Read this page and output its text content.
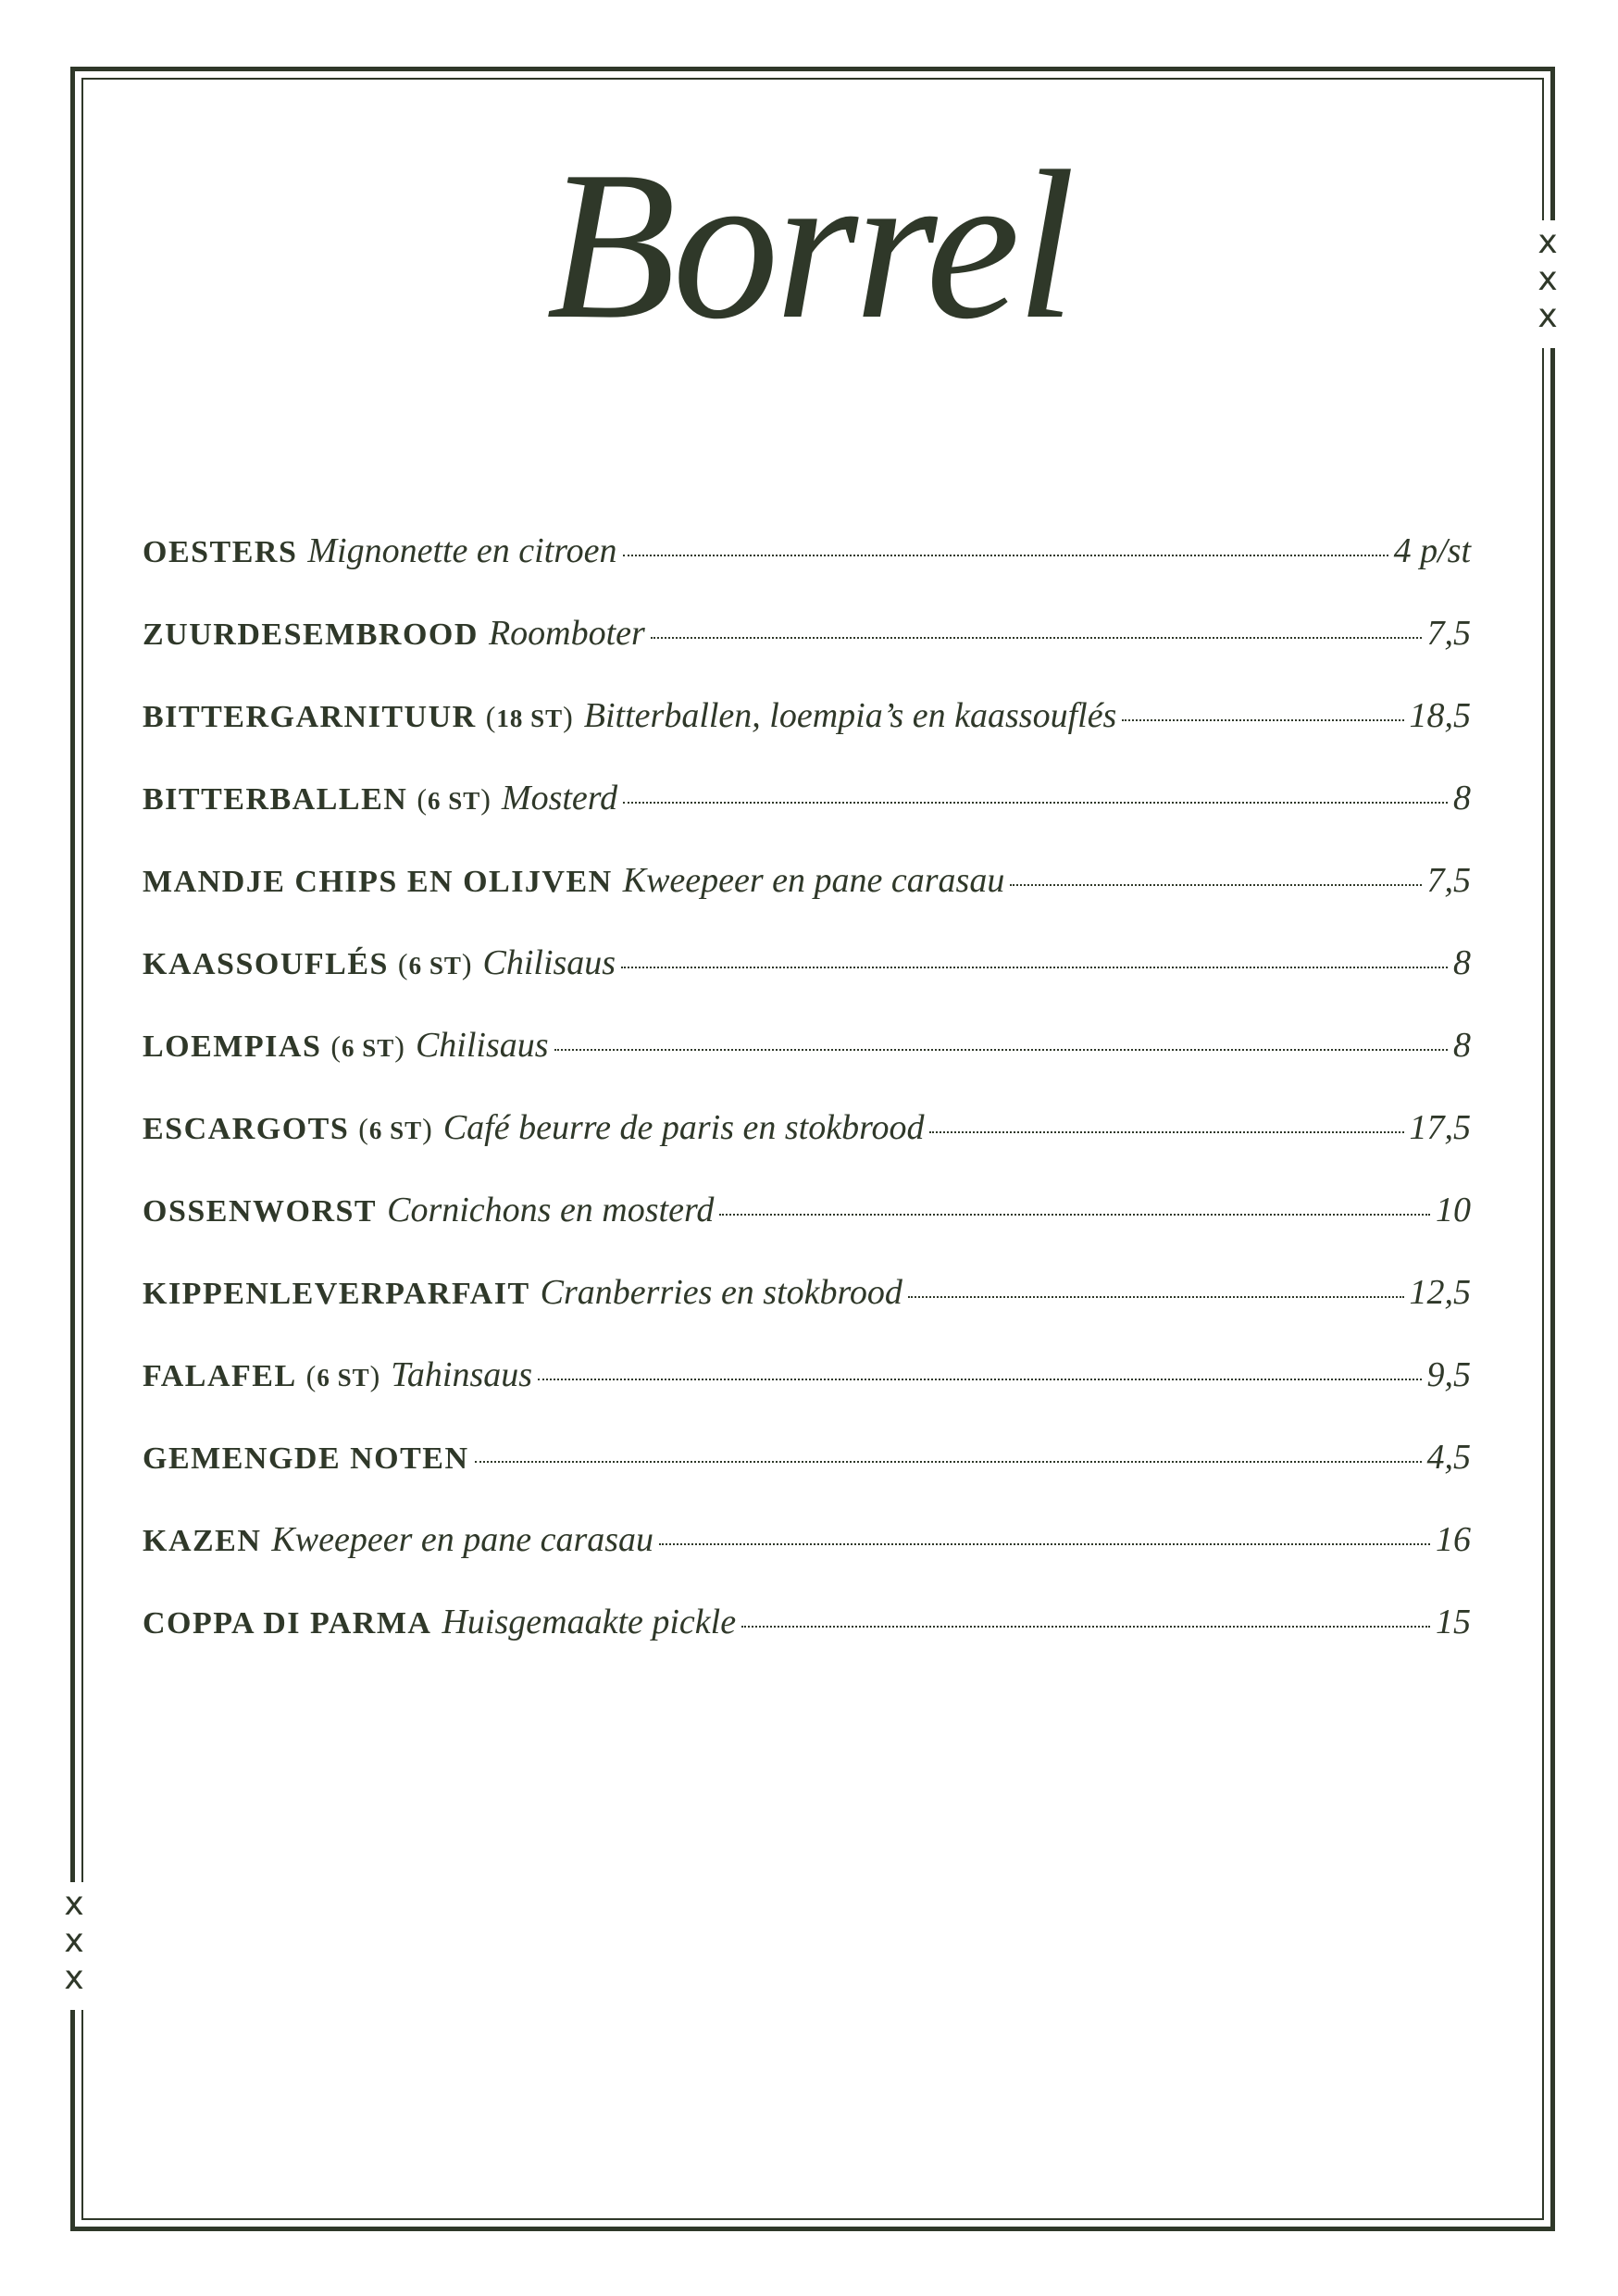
x
x
x
x
x
x
Borrel
OESTERS Mignonette en citroen	4 p/st
ZUURDESEMBROOD Roomboter	7,5
BITTERGARNITUUR (18 ST) Bitterballen, loempia’s en kaassouflés	18,5
BITTERBALLEN (6 ST) Mosterd	8
MANDJE CHIPS EN OLIJVEN Kweepeer en pane carasau	7,5
KAASSOUFLÉS (6 ST) Chilisaus	8
LOEMPIAS (6 ST) Chilisaus	8
ESCARGOTS (6 ST) Café beurre de paris en stokbrood	17,5
OSSENWORST Cornichons en mosterd	10
KIPPENLEVERPARFAIT Cranberries en stokbrood	12,5
FALAFEL (6 ST) Tahinsaus	9,5
GEMENGDE NOTEN	4,5
KAZEN Kweepeer en pane carasau	16
COPPA DI PARMA Huisgemaakte pickle	15
